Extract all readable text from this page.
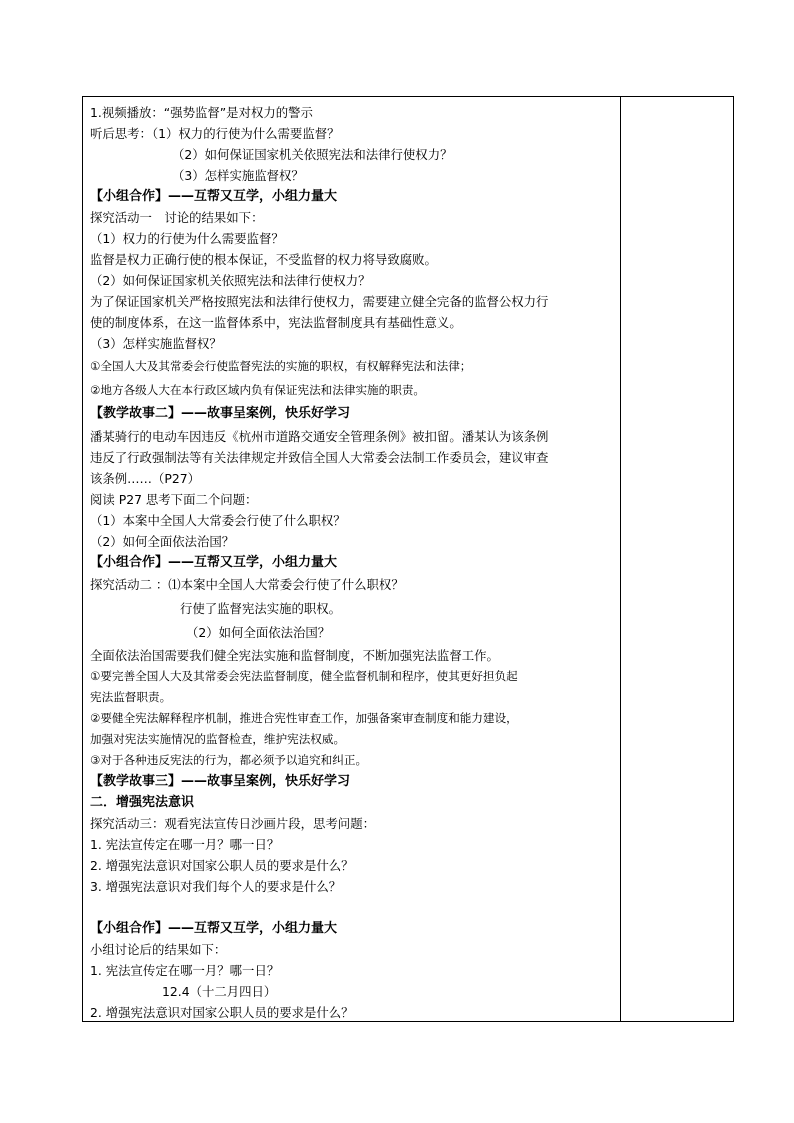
1.视频播放：“强势监督”是对权力的警示
听后思考：（1）权力的行使为什么需要监督？
（2）如何保证国家机关依照宪法和法律行使权力？
（3）怎样实施监督权？
【小组合作】——互帮又互学，小组力量大
探究活动一　讨论的结果如下：
（1）权力的行使为什么需要监督？
监督是权力正确行使的根本保证，不受监督的权力将导致腐败。
（2）如何保证国家机关依照宪法和法律行使权力？
为了保证国家机关严格按照宪法和法律行使权力，需要建立健全完备的监督公权力行
使的制度体系，在这一监督体系中，宪法监督制度具有基础性意义。
（3）怎样实施监督权？
①全国人大及其常委会行使监督宪法的实施的职权，有权解释宪法和法律；
②地方各级人大在本行政区域内负有保证宪法和法律实施的职责。
【教学故事二】——故事呈案例，快乐好学习
潘某骑行的电动车因违反《杭州市道路交通安全管理条例》被扣留。潘某认为该条例
违反了行政强制法等有关法律规定并致信全国人大常委会法制工作委员会，建议审查
该条例……（P27）
阅读 P27 思考下面二个问题：
（1）本案中全国人大常委会行使了什么职权？
（2）如何全面依法治国？
【小组合作】——互帮又互学，小组力量大
探究活动二 ：⑴本案中全国人大常委会行使了什么职权？
行使了监督宪法实施的职权。
（2）如何全面依法治国？
全面依法治国需要我们健全宪法实施和监督制度，不断加强宪法监督工作。
①要完善全国人大及其常委会宪法监督制度，健全监督机制和程序，使其更好担负起
宪法监督职责。
②要健全宪法解释程序机制，推进合宪性审查工作，加强备案审查制度和能力建设，
加强对宪法实施情况的监督检查，维护宪法权威。
③对于各种违反宪法的行为，都必须予以追究和纠正。
【教学故事三】——故事呈案例，快乐好学习
二．增强宪法意识
探究活动三：观看宪法宣传日沙画片段，思考问题：
1. 宪法宣传定在哪一月？哪一日？
2. 增强宪法意识对国家公职人员的要求是什么？
3. 增强宪法意识对我们每个人的要求是什么？
【小组合作】——互帮又互学，小组力量大
小组讨论后的结果如下：
1. 宪法宣传定在哪一月？哪一日？
12.4（十二月四日）
2. 增强宪法意识对国家公职人员的要求是什么？
